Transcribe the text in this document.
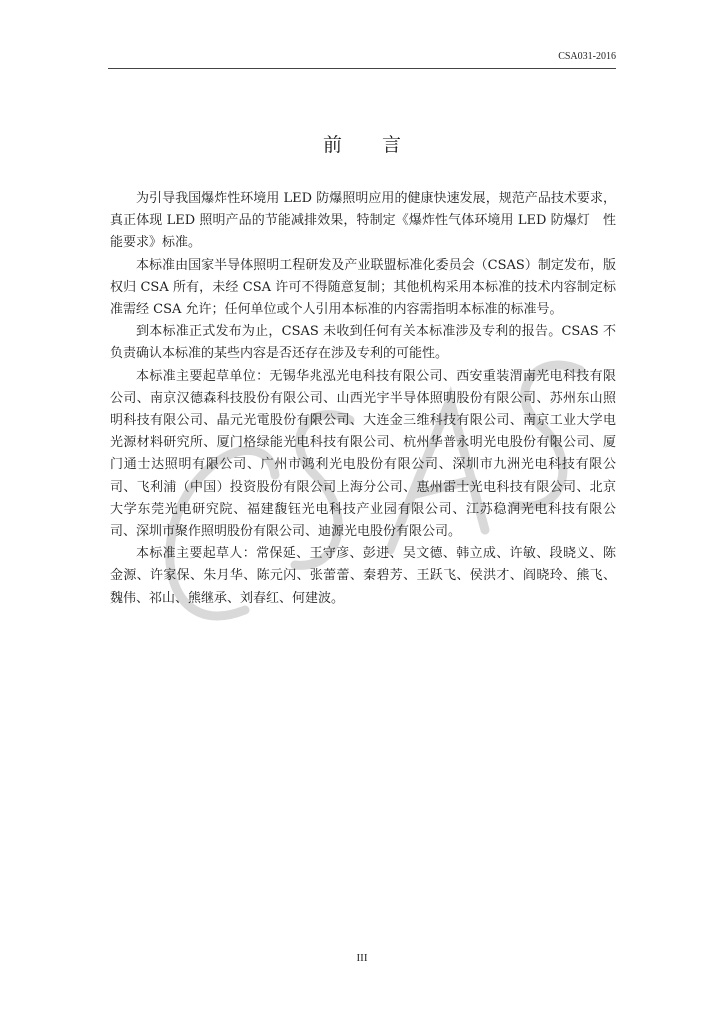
CSA031-2016
前言

为引导我国爆炸性环境用 LED 防爆照明应用的健康快速发展，规范产品技术要求，真正体现 LED 照明产品的节能减排效果，特制定《爆炸性气体环境用 LED 防爆灯　性能要求》标准。

本标准由国家半导体照明工程研发及产业联盟标准化委员会（CSAS）制定发布，版权归 CSA 所有，未经 CSA 许可不得随意复制；其他机构采用本标准的技术内容制定标准需经 CSA 允许；任何单位或个人引用本标准的内容需指明本标准的标准号。

到本标准正式发布为止，CSAS 未收到任何有关本标准涉及专利的报告。CSAS 不负责确认本标准的某些内容是否还存在涉及专利的可能性。

本标准主要起草单位：无锡华兆泓光电科技有限公司、西安重装渭南光电科技有限公司、南京汉德森科技股份有限公司、山西光宇半导体照明股份有限公司、苏州东山照明科技有限公司、晶元光電股份有限公司、大连金三维科技有限公司、南京工业大学电光源材料研究所、厦门格绿能光电科技有限公司、杭州华普永明光电股份有限公司、厦门通士达照明有限公司、广州市鸿利光电股份有限公司、深圳市九洲光电科技有限公司、飞利浦（中国）投资股份有限公司上海分公司、惠州雷士光电科技有限公司、北京大学东莞光电研究院、福建馥钰光电科技产业园有限公司、江苏稳润光电科技有限公司、深圳市聚作照明股份有限公司、迪源光电股份有限公司。

本标准主要起草人：常保延、王守彦、彭进、吴文德、韩立成、许敏、段晓义、陈金源、许家保、朱月华、陈元闪、张蕾蕾、秦碧芳、王跃飞、侯洪才、阎晓玲、熊飞、魏伟、祁山、熊继承、刘春红、何建波。

III
